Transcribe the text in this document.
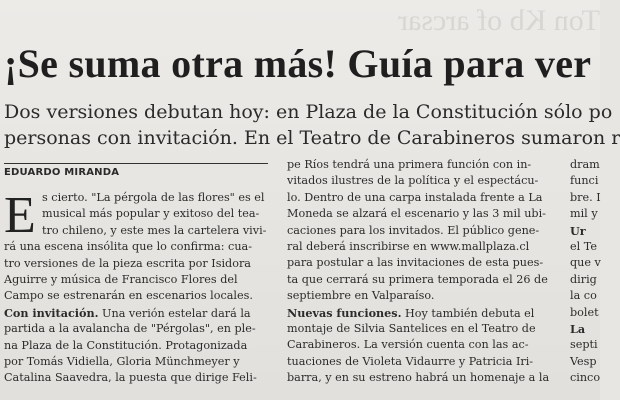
Ton Kb of arcsar
¡Se suma otra más! Guía para ver

Dos versiones debutan hoy: en Plaza de la Constitución sólo po

personas con invitación. En el Teatro de Carabineros sumaron r

EDUARDO MIRANDA
E s cierto. "La pérgola de las flores" es el
musical más popular y exitoso del tea-
tro chileno, y este mes la cartelera vivi-
rá una escena insólita que lo confirma: cua-
tro versiones de la pieza escrita por Isidora
Aguirre y música de Francisco Flores del
Campo se estrenarán en escenarios locales.
Con invitación. Una verión estelar dará la
partida a la avalancha de "Pérgolas", en ple-
na Plaza de la Constitución. Protagonizada
por Tomás Vidiella, Gloria Münchmeyer y
Catalina Saavedra, la puesta que dirige Feli-
pe Ríos tendrá una primera función con in-
vitados ilustres de la política y el espectácu-
lo. Dentro de una carpa instalada frente a La
Moneda se alzará el escenario y las 3 mil ubi-
caciones para los invitados. El público gene-
ral deberá inscribirse en www.mallplaza.cl
para postular a las invitaciones de esta pues-
ta que cerrará su primera temporada el 26 de
septiembre en Valparaíso.
Nuevas funciones. Hoy también debuta el
montaje de Silvia Santelices en el Teatro de
Carabineros. La versión cuenta con las ac-
tuaciones de Violeta Vidaurre y Patricia Iri-
barra, y en su estreno habrá un homenaje a la
dram
funci
bre. I
mil y
Ur
el Te
que v
dirig
la co
bolet
La
septi
Vesp
cinco
